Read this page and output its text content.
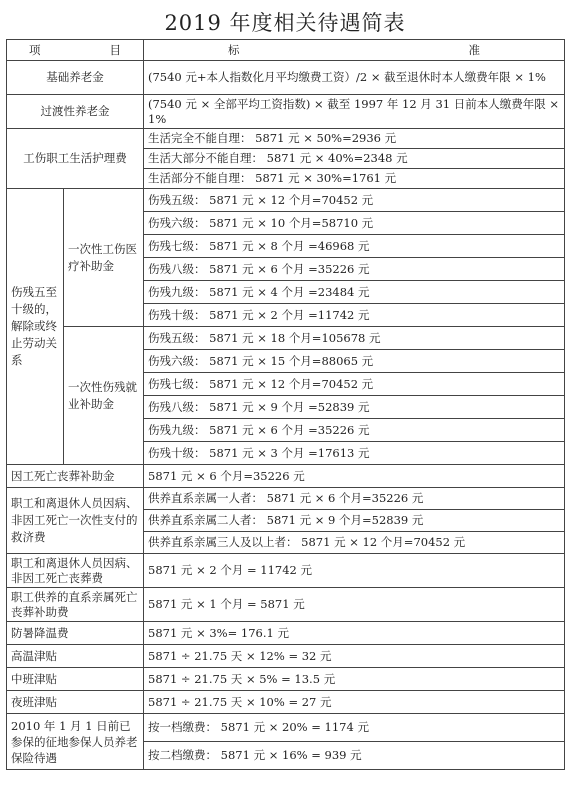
2019 年度相关待遇简表
项 目		标 准

基础养老金		(7540 元+本人指数化月平均缴费工资）/2 × 截至退休时本人缴费年限 × 1%
过渡性养老金		(7540 元 × 全部平均工资指数) × 截至 1997 年 12 月 31 日前本人缴费年限 × 1%
工伤职工生活护理费		生活完全不能自理： 5871 元 × 50%=2936 元
		生活大部分不能自理： 5871 元 × 40%=2348 元
		生活部分不能自理： 5871 元 × 30%=1761 元
伤残五至十级的，解除或终止劳动关系	一次性工伤医疗补助金	伤残五级： 5871 元 × 12 个月=70452 元
		伤残六级： 5871 元 × 10 个月=58710 元
		伤残七级： 5871 元 × 8 个月 =46968 元
		伤残八级： 5871 元 × 6 个月 =35226 元
		伤残九级： 5871 元 × 4 个月 =23484 元
		伤残十级： 5871 元 × 2 个月 =11742 元
	一次性伤残就业补助金	伤残五级： 5871 元 × 18 个月=105678 元
		伤残六级： 5871 元 × 15 个月=88065 元
		伤残七级： 5871 元 × 12 个月=70452 元
		伤残八级： 5871 元 × 9 个月 =52839 元
		伤残九级： 5871 元 × 6 个月 =35226 元
		伤残十级： 5871 元 × 3 个月 =17613 元
因工死亡丧葬补助金		5871 元 × 6 个月=35226 元
职工和离退休人员因病、非因工死亡一次性支付的救济费		供养直系亲属一人者： 5871 元 × 6 个月=35226 元
		供养直系亲属二人者： 5871 元 × 9 个月=52839 元
		供养直系亲属三人及以上者： 5871 元 × 12 个月=70452 元
职工和离退休人员因病、非因工死亡丧葬费		5871 元 × 2 个月 = 11742 元
职工供养的直系亲属死亡丧葬补助费		5871 元 × 1 个月 = 5871 元
防暑降温费		5871 元 × 3%= 176.1 元
高温津贴		5871 ÷ 21.75 天 × 12% = 32 元
中班津贴		5871 ÷ 21.75 天 × 5% = 13.5 元
夜班津贴		5871 ÷ 21.75 天 × 10% = 27 元
2010 年 1 月 1 日前已参保的征地参保人员养老保险待遇		按一档缴费： 5871 元 × 20% = 1174 元
		按二档缴费： 5871 元 × 16% = 939 元
